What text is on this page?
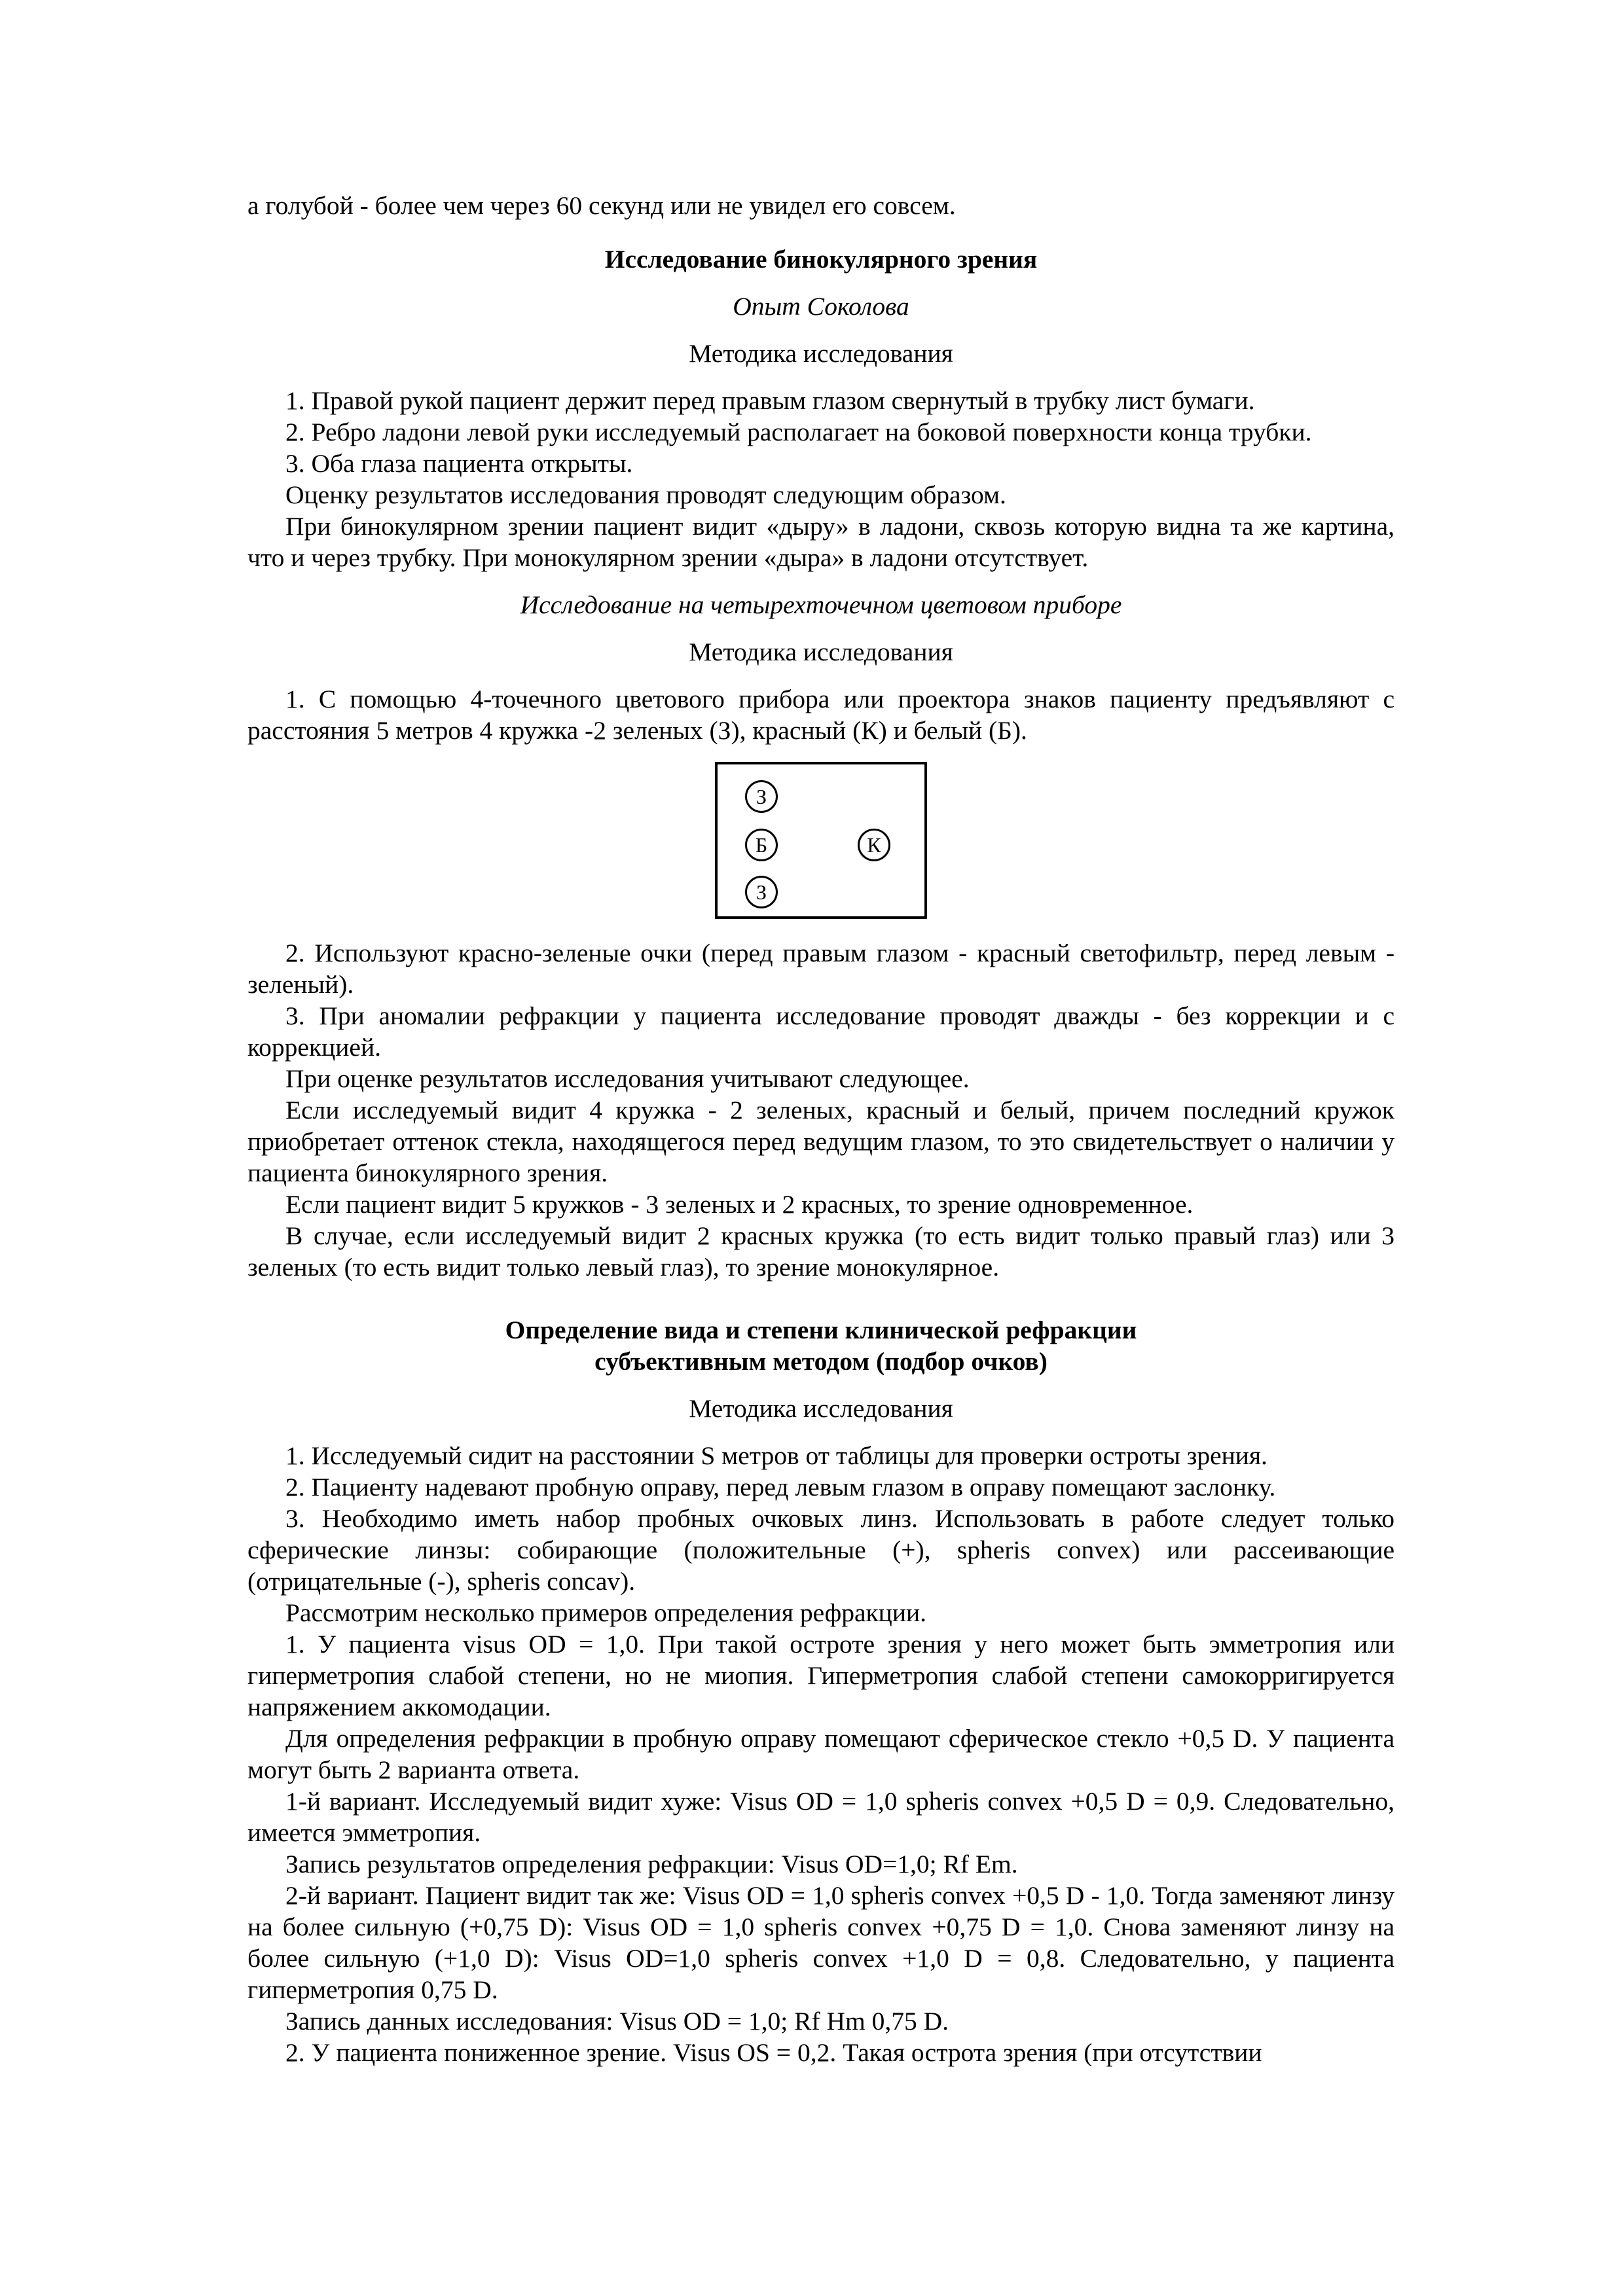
а голубой - более чем через 60 секунд или не увидел его совсем.

Исследование бинокулярного зрения

Опыт Соколова

Методика исследования

1. Правой рукой пациент держит перед правым глазом свернутый в трубку лист бумаги.

2. Ребро ладони левой руки исследуемый располагает на боковой поверхности конца трубки.

3. Оба глаза пациента открыты.

Оценку результатов исследования проводят следующим образом.

При бинокулярном зрении пациент видит «дыру» в ладони, сквозь которую видна та же картина, что и через трубку. При монокулярном зрении «дыра» в ладони отсутствует.

Исследование на четырехточечном цветовом приборе

Методика исследования

1. С помощью 4-точечного цветового прибора или проектора знаков пациенту предъявляют с расстояния 5 метров 4 кружка -2 зеленых (З), красный (К) и белый (Б).

З
Б	К
З

2. Используют красно-зеленые очки (перед правым глазом - красный светофильтр, перед левым - зеленый).

3. При аномалии рефракции у пациента исследование проводят дважды - без коррекции и с коррекцией.

При оценке результатов исследования учитывают следующее.

Если исследуемый видит 4 кружка - 2 зеленых, красный и белый, причем последний кружок приобретает оттенок стекла, находящегося перед ведущим глазом, то это свидетельствует о наличии у пациента бинокулярного зрения.

Если пациент видит 5 кружков - 3 зеленых и 2 красных, то зрение одновременное.

В случае, если исследуемый видит 2 красных кружка (то есть видит только правый глаз) или 3 зеленых (то есть видит только левый глаз), то зрение монокулярное.

Определение вида и степени клинической рефракции

субъективным методом (подбор очков)

Методика исследования

1. Исследуемый сидит на расстоянии S метров от таблицы для проверки остроты зрения.

2. Пациенту надевают пробную оправу, перед левым глазом в оправу помещают заслонку.

3. Необходимо иметь набор пробных очковых линз. Использовать в работе следует только сферические линзы: собирающие (положительные (+), spheris convex) или рассеивающие (отрицательные (-), spheris concav).

Рассмотрим несколько примеров определения рефракции.

1. У пациента visus OD = 1,0. При такой остроте зрения у него может быть эмметропия или гиперметропия слабой степени, но не миопия. Гиперметропия слабой степени самокорригируется напряжением аккомодации.

Для определения рефракции в пробную оправу помещают сферическое стекло +0,5 D. У пациента могут быть 2 варианта ответа.

1-й вариант. Исследуемый видит хуже: Visus OD = 1,0 spheris convex +0,5 D = 0,9. Следовательно, имеется эмметропия.

Запись результатов определения рефракции: Visus OD=1,0; Rf Em.

2-й вариант. Пациент видит так же: Visus OD = 1,0 spheris convex +0,5 D - 1,0. Тогда заменяют линзу на более сильную (+0,75 D): Visus OD = 1,0 spheris convex +0,75 D = 1,0. Снова заменяют линзу на более сильную (+1,0 D): Visus OD=1,0 spheris convex +1,0 D = 0,8. Следовательно, у пациента гиперметропия 0,75 D.

Запись данных исследования: Visus OD = 1,0; Rf Hm 0,75 D.

2. У пациента пониженное зрение. Visus OS = 0,2. Такая острота зрения (при отсутствии
